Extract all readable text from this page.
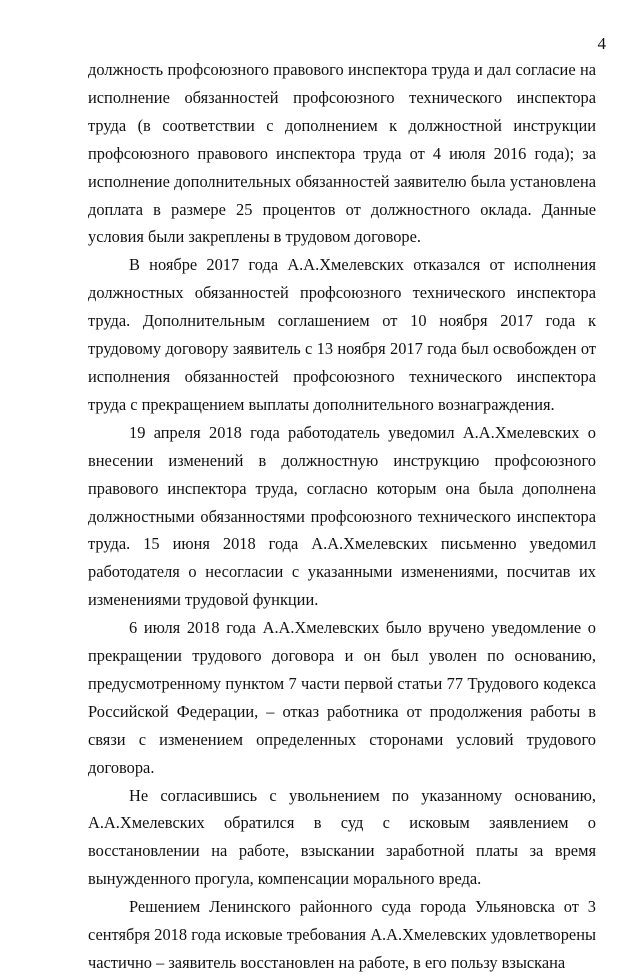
4

должность профсоюзного правового инспектора труда и дал согласие на исполнение обязанностей профсоюзного технического инспектора труда (в соответствии с дополнением к должностной инструкции профсоюзного правового инспектора труда от 4 июля 2016 года); за исполнение дополнительных обязанностей заявителю была установлена доплата в размере 25 процентов от должностного оклада. Данные условия были закреплены в трудовом договоре.

В ноябре 2017 года А.А.Хмелевских отказался от исполнения должностных обязанностей профсоюзного технического инспектора труда. Дополнительным соглашением от 10 ноября 2017 года к трудовому договору заявитель с 13 ноября 2017 года был освобожден от исполнения обязанностей профсоюзного технического инспектора труда с прекращением выплаты дополнительного вознаграждения.

19 апреля 2018 года работодатель уведомил А.А.Хмелевских о внесении изменений в должностную инструкцию профсоюзного правового инспектора труда, согласно которым она была дополнена должностными обязанностями профсоюзного технического инспектора труда. 15 июня 2018 года А.А.Хмелевских письменно уведомил работодателя о несогласии с указанными изменениями, посчитав их изменениями трудовой функции.

6 июля 2018 года А.А.Хмелевских было вручено уведомление о прекращении трудового договора и он был уволен по основанию, предусмотренному пунктом 7 части первой статьи 77 Трудового кодекса Российской Федерации, – отказ работника от продолжения работы в связи с изменением определенных сторонами условий трудового договора.

Не согласившись с увольнением по указанному основанию, А.А.Хмелевских обратился в суд с исковым заявлением о восстановлении на работе, взыскании заработной платы за время вынужденного прогула, компенсации морального вреда.

Решением Ленинского районного суда города Ульяновска от 3 сентября 2018 года исковые требования А.А.Хмелевских удовлетворены частично – заявитель восстановлен на работе, в его пользу взыскана
